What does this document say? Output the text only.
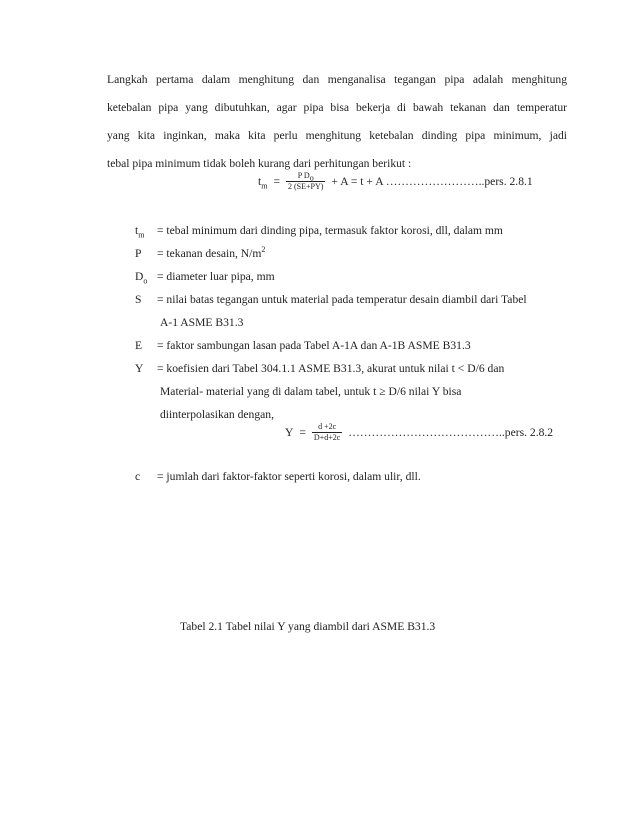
Langkah pertama dalam menghitung dan menganalisa tegangan pipa adalah menghitung
ketebalan pipa yang dibutuhkan, agar pipa bisa bekerja di bawah tekanan dan temperatur
yang kita inginkan, maka kita perlu menghitung ketebalan dinding pipa minimum, jadi
tebal pipa minimum tidak boleh kurang dari perhitungan berikut :
$t_m = \frac{P D_o}{2 (SE+PY)} + A = t + A$ ……………………..pers. 2.8.1
$t_m$ = tebal minimum dari dinding pipa, termasuk faktor korosi, dll, dalam mm
P = tekanan desain, $N/m^2$
$D_o$ = diameter luar pipa, mm
S = nilai batas tegangan untuk material pada temperatur desain diambil dari Tabel
A-1 ASME B31.3
E = faktor sambungan lasan pada Tabel A-1A dan A-1B ASME B31.3
Y = koefisien dari Tabel 304.1.1 ASME B31.3, akurat untuk nilai t < D/6 dan
Material- material yang di dalam tabel, untuk t ≥ D/6 nilai Y bisa
diinterpolasikan dengan,
$Y = \frac{d +2c}{D+d+2c}$ …………………………………..pers. 2.8.2
c = jumlah dari faktor-faktor seperti korosi, dalam ulir, dll.
Tabel 2.1 Tabel nilai Y yang diambil dari ASME B31.3
